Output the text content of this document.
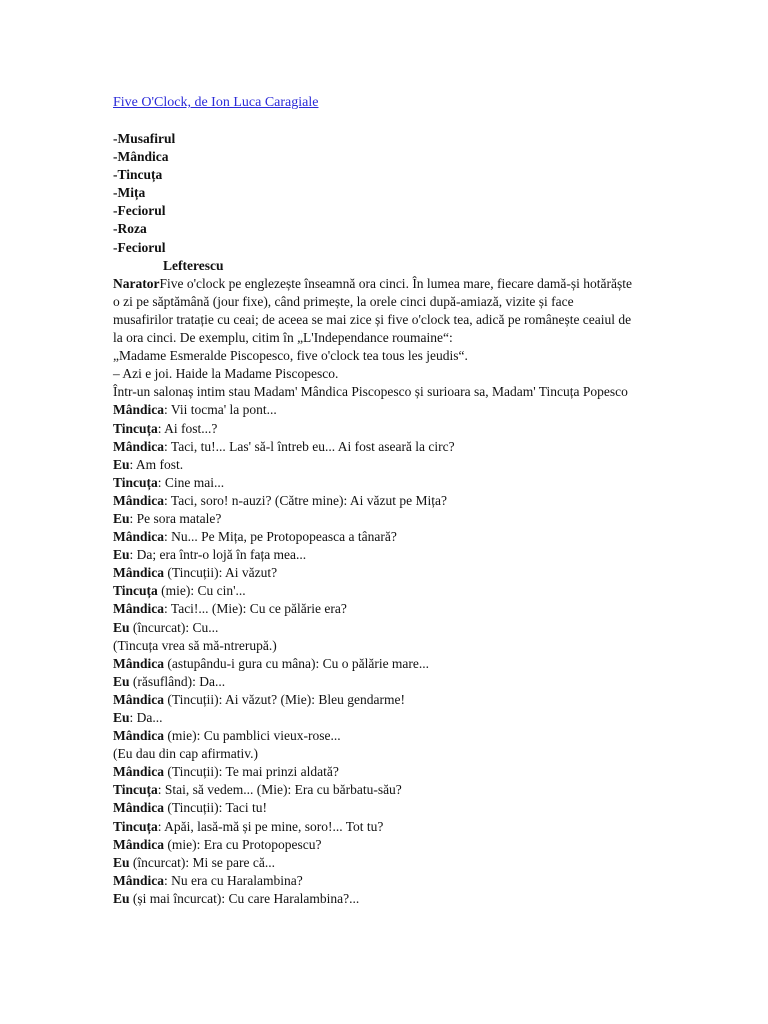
Five O'Clock, de Ion Luca Caragiale

-Musafirul

-Mândica

-Tincuța

-Mița

-Feciorul

-Roza

-Feciorul

Lefterescu

NaratorFive o'clock pe englezește înseamnă ora cinci. În lumea mare, fiecare damă-și hotărăște o zi pe săptămână (jour fixe), când primește, la orele cinci după-amiază, vizite și face musafirilor tratație cu ceai; de aceea se mai zice și five o'clock tea, adică pe românește ceaiul de la ora cinci. De exemplu, citim în „L'Independance roumaine“:

„Madame Esmeralde Piscopesco, five o'clock tea tous les jeudis“.

– Azi e joi. Haide la Madame Piscopesco.

Într-un salonaș intim stau Madam' Mândica Piscopesco și surioara sa, Madam' Tincuța Popesco

Mândica: Vii tocma' la pont...

Tincuța: Ai fost...?

Mândica: Taci, tu!... Las' să-l întreb eu... Ai fost aseară la circ?

Eu: Am fost.

Tincuța: Cine mai...

Mândica: Taci, soro! n-auzi? (Către mine): Ai văzut pe Mița?

Eu: Pe sora matale?

Mândica: Nu... Pe Mița, pe Protopopeasca a tânară?

Eu: Da; era într-o lojă în fața mea...

Mândica (Tincuții): Ai văzut?

Tincuța (mie): Cu cin'...

Mândica: Taci!... (Mie): Cu ce pălărie era?

Eu (încurcat): Cu...

(Tincuța vrea să mă-ntrerupă.)

Mândica (astupându-i gura cu mâna): Cu o pălărie mare...

Eu (răsuflând): Da...

Mândica (Tincuții): Ai văzut? (Mie): Bleu gendarme!

Eu: Da...

Mândica (mie): Cu pamblici vieux-rose...

(Eu dau din cap afirmativ.)

Mândica (Tincuții): Te mai prinzi aldată?

Tincuța: Stai, să vedem... (Mie): Era cu bărbatu-său?

Mândica (Tincuții): Taci tu!

Tincuța: Apăi, lasă-mă și pe mine, soro!... Tot tu?

Mândica (mie): Era cu Protopopescu?

Eu (încurcat): Mi se pare că...

Mândica: Nu era cu Haralambina?

Eu (și mai încurcat): Cu care Haralambina?...
